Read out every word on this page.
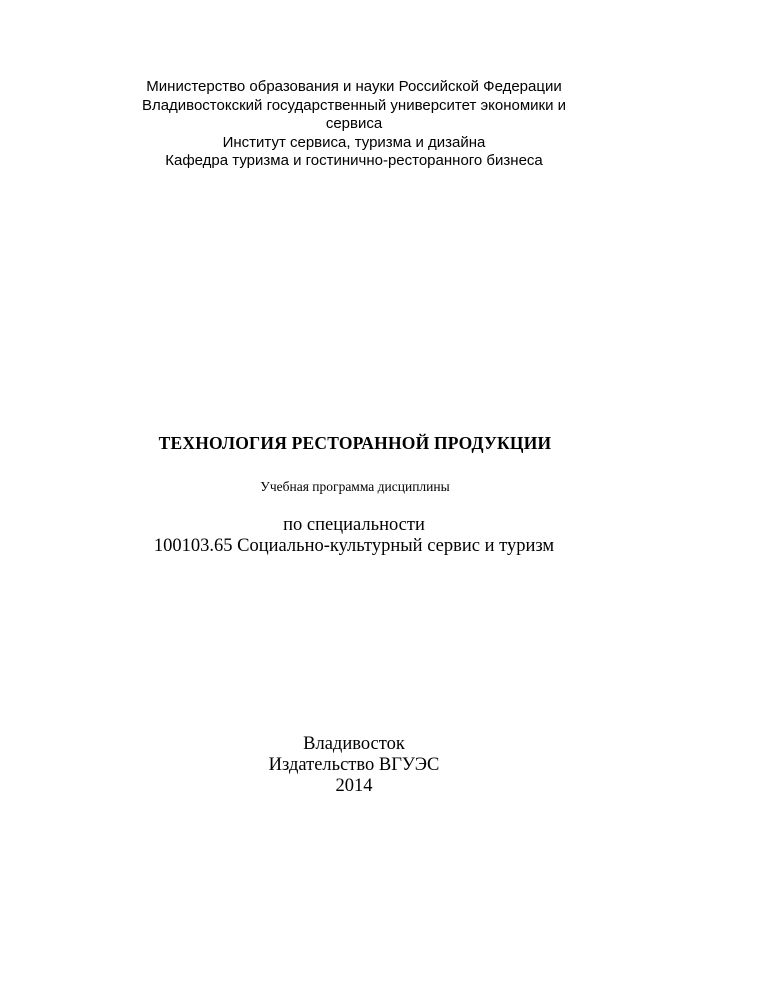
Министерство образования и науки Российской Федерации
Владивостокский государственный университет экономики и
сервиса
Институт сервиса, туризма и дизайна
Кафедра туризма и гостинично-ресторанного бизнеса
ТЕХНОЛОГИЯ РЕСТОРАННОЙ ПРОДУКЦИИ
Учебная программа дисциплины
по специальности
100103.65 Социально-культурный сервис и туризм
Владивосток
Издательство ВГУЭС
2014
